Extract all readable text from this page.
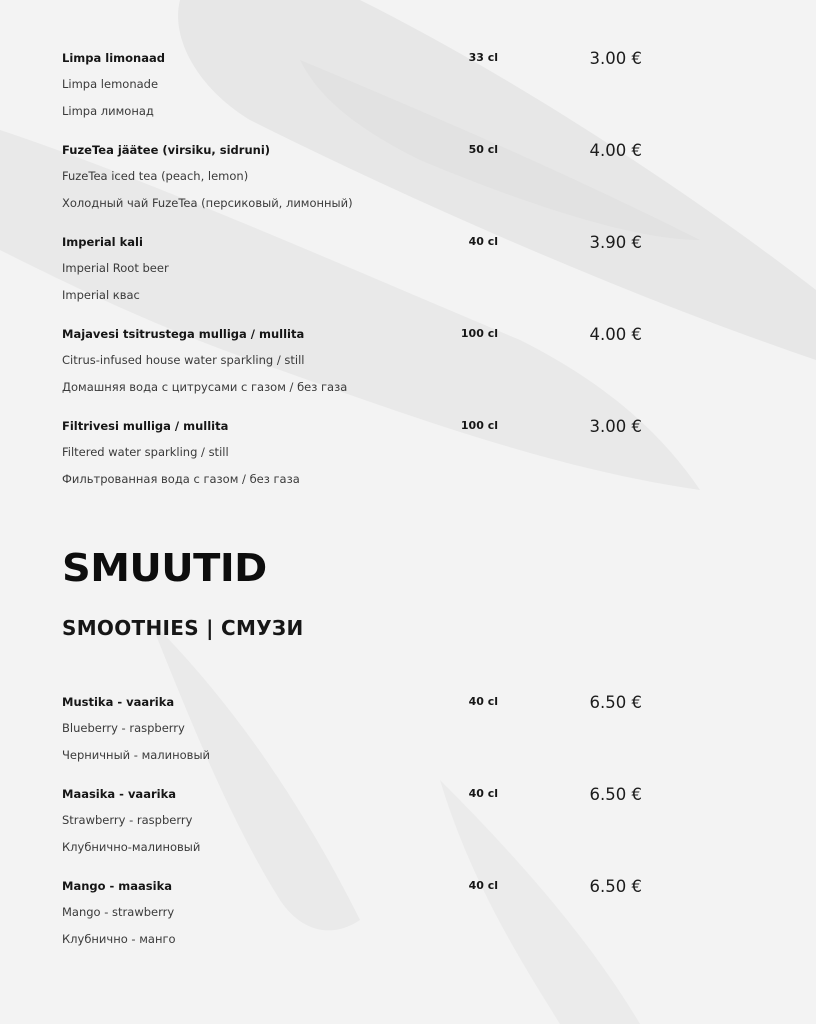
Limpa limonaad
Limpa lemonade
Limpa лимонад
33 cl	3.00 €
FuzeTea jäätee (virsiku, sidruni)
FuzeTea iced tea (peach, lemon)
Холодный чай FuzeTea (персиковый, лимонный)
50 cl	4.00 €
Imperial kali
Imperial Root beer
Imperial квас
40 cl	3.90 €
Majavesi tsitrustega mulliga / mullita
Citrus-infused house water sparkling / still
Домашняя вода с цитрусами с газом / без газа
100 cl	4.00 €
Filtrivesi mulliga / mullita
Filtered water sparkling / still
Фильтрованная вода с газом / без газа
100 cl	3.00 €
SMUUTID
SMOOTHIES | СМУЗИ
Mustika - vaarika
Blueberry - raspberry
Черничный - малиновый
40 cl	6.50 €
Maasika - vaarika
Strawberry - raspberry
Клубнично-малиновый
40 cl	6.50 €
Mango - maasika
Mango - strawberry
Клубнично - манго
40 cl	6.50 €
